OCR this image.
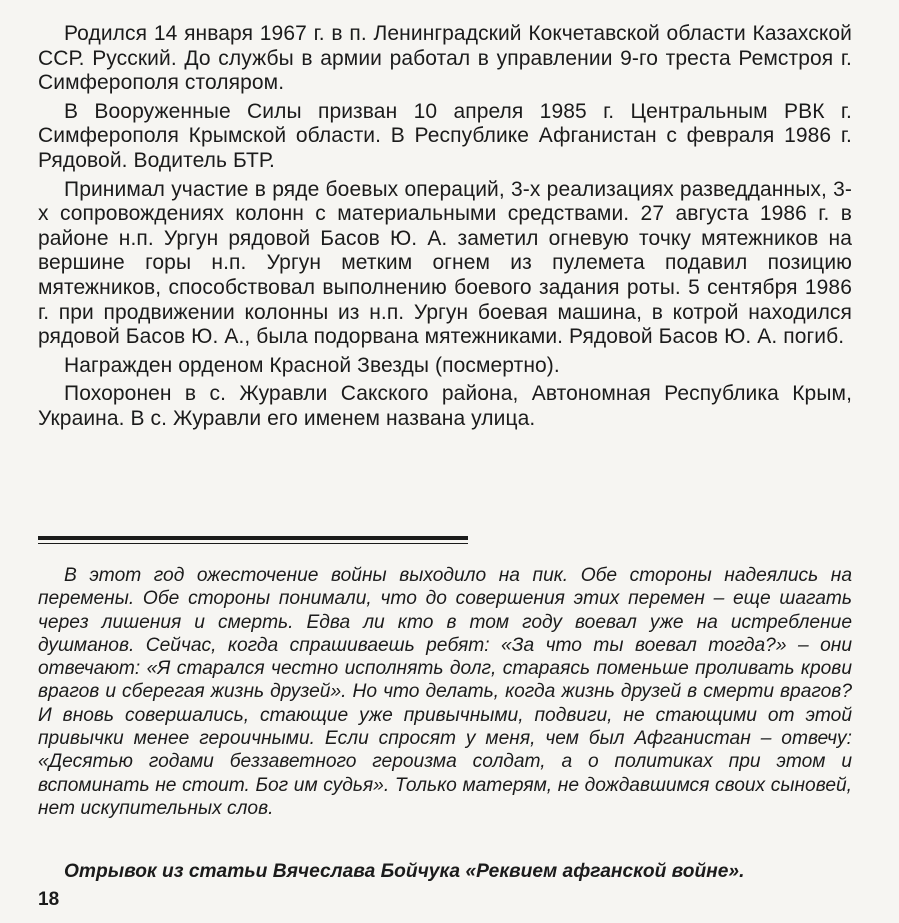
Родился 14 января 1967 г. в п. Ленинградский Кокчетавской области Казахской ССР. Русский. До службы в армии работал в управлении 9-го треста Ремстроя г. Симферополя столяром.

В Вооруженные Силы призван 10 апреля 1985 г. Центральным РВК г. Симферополя Крымской области. В Республике Афганистан с февраля 1986 г. Рядовой. Водитель БТР.

Принимал участие в ряде боевых операций, 3-х реализациях разведданных, 3-х сопровождениях колонн с материальными средствами. 27 августа 1986 г. в районе н.п. Ургун рядовой Басов Ю. А. заметил огневую точку мятежников на вершине горы н.п. Ургун метким огнем из пулемета подавил позицию мятежников, способствовал выполнению боевого задания роты. 5 сентября 1986 г. при продвижении колонны из н.п. Ургун боевая машина, в котрой находился рядовой Басов Ю. А., была подорвана мятежниками. Рядовой Басов Ю. А. погиб.

Награжден орденом Красной Звезды (посмертно).

Похоронен в с. Журавли Сакского района, Автономная Республика Крым, Украина. В с. Журавли его именем названа улица.

В этот год ожесточение войны выходило на пик. Обе стороны надеялись на перемены. Обе стороны понимали, что до совершения этих перемен – еще шагать через лишения и смерть. Едва ли кто в том году воевал уже на истребление душманов. Сейчас, когда спрашиваешь ребят: «За что ты воевал тогда?» – они отвечают: «Я старался честно исполнять долг, стараясь поменьше проливать крови врагов и сберегая жизнь друзей». Но что делать, когда жизнь друзей в смерти врагов? И вновь совершались, стающие уже привычными, подвиги, не стающими от этой привычки менее героичными. Если спросят у меня, чем был Афганистан – отвечу: «Десятью годами беззаветного героизма солдат, а о политиках при этом и вспоминать не стоит. Бог им судья». Только матерям, не дождавшимся своих сыновей, нет искупительных слов.

Отрывок из статьи Вячеслава Бойчука «Реквием афганской войне».
18
